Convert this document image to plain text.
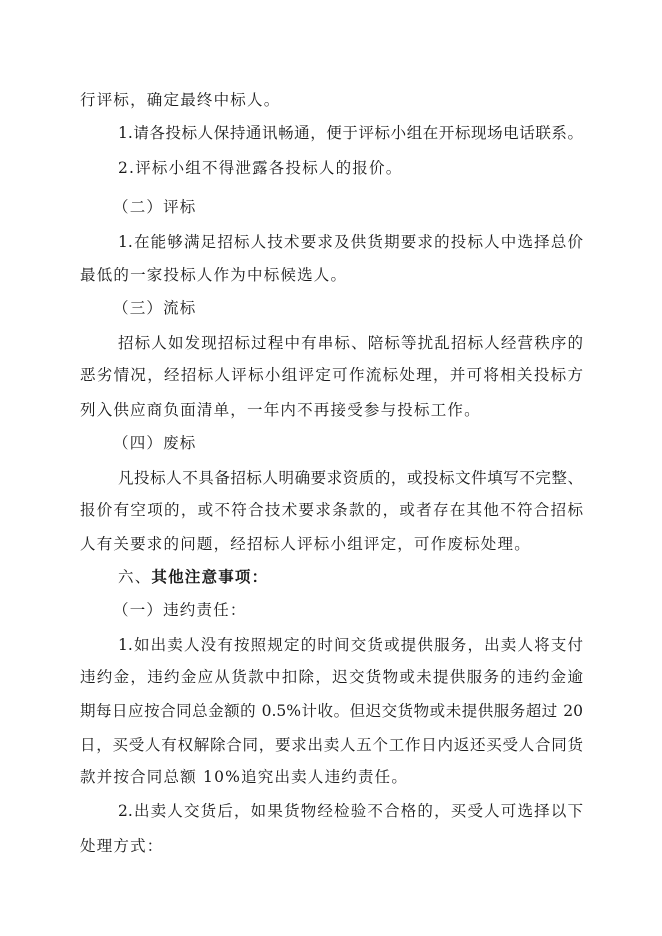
行评标，确定最终中标人。
1.请各投标人保持通讯畅通，便于评标小组在开标现场电话联系。
2.评标小组不得泄露各投标人的报价。
（二）评标
1.在能够满足招标人技术要求及供货期要求的投标人中选择总价
最低的一家投标人作为中标候选人。
（三）流标
招标人如发现招标过程中有串标、陪标等扰乱招标人经营秩序的
恶劣情况，经招标人评标小组评定可作流标处理，并可将相关投标方
列入供应商负面清单，一年内不再接受参与投标工作。
（四）废标
凡投标人不具备招标人明确要求资质的，或投标文件填写不完整、
报价有空项的，或不符合技术要求条款的，或者存在其他不符合招标
人有关要求的问题，经招标人评标小组评定，可作废标处理。
六、其他注意事项：
（一）违约责任：
1.如出卖人没有按照规定的时间交货或提供服务，出卖人将支付
违约金，违约金应从货款中扣除，迟交货物或未提供服务的违约金逾
期每日应按合同总金额的 0.5%计收。但迟交货物或未提供服务超过 20
日，买受人有权解除合同，要求出卖人五个工作日内返还买受人合同货
款并按合同总额 10%追究出卖人违约责任。
2.出卖人交货后，如果货物经检验不合格的，买受人可选择以下
处理方式：
